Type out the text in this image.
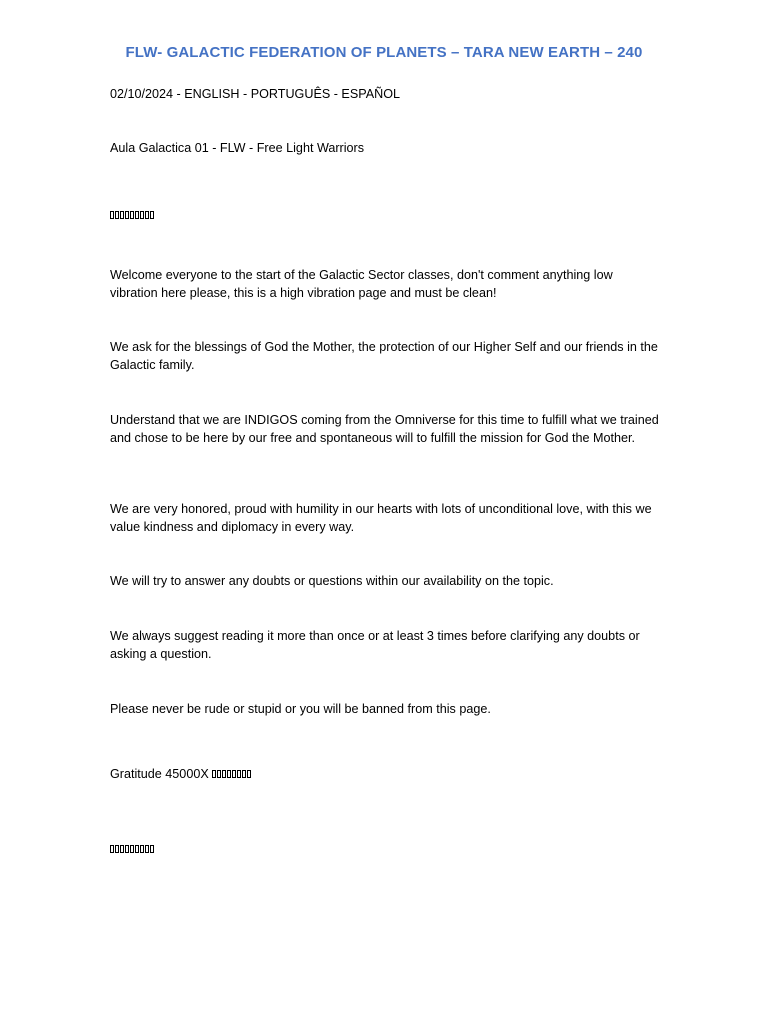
FLW- GALACTIC FEDERATION OF PLANETS – TARA NEW EARTH – 240
02/10/2024 - ENGLISH - PORTUGUÊS - ESPAÑOL
Aula Galactica 01 - FLW - Free Light Warriors
Welcome everyone to the start of the Galactic Sector classes, don't comment anything low vibration here please, this is a high vibration page and must be clean!
We ask for the blessings of God the Mother, the protection of our Higher Self and our friends in the Galactic family.
Understand that we are INDIGOS coming from the Omniverse for this time to fulfill what we trained and chose to be here by our free and spontaneous will to fulfill the mission for God the Mother.
We are very honored, proud with humility in our hearts with lots of unconditional love, with this we value kindness and diplomacy in every way.
We will try to answer any doubts or questions within our availability on the topic.
We always suggest reading it more than once or at least 3 times before clarifying any doubts or asking a question.
Please never be rude or stupid or you will be banned from this page.
Gratitude 45000X
